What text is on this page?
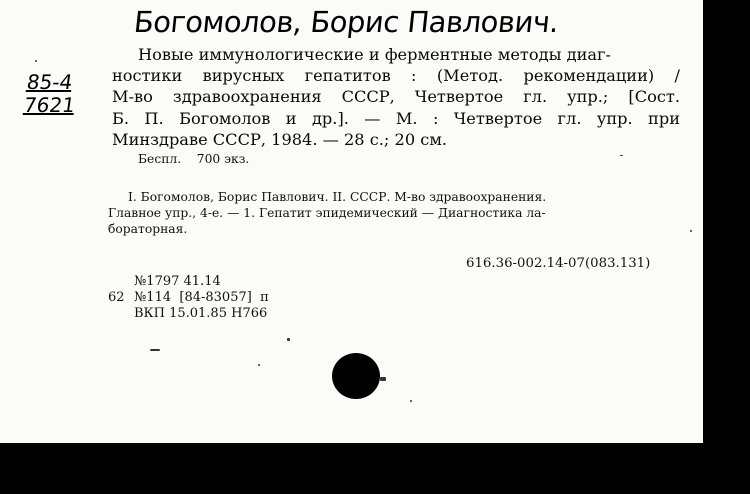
Богомолов, Борис Павлович.
85-4
7621
Новые иммунологические и ферментные методы диаг-
ностики вирусных гепатитов : (Метод. рекомендации) /
М-во здравоохранения СССР, Четвертое гл. упр.; [Сост.
Б. П. Богомолов и др.]. — М. : Четвертое гл. упр. при
Минздраве СССР, 1984. — 28 с.; 20 см.
Беспл.    700 экз.
I. Богомолов, Борис Павлович. II. СССР. М-во здравоохранения.
Главное упр., 4-е. — 1. Гепатит эпидемический — Диагностика ла-
бораторная.
616.36-002.14-07(083.131)
№1797 41.14
62 №114  [84-83057]  п
ВКП 15.01.85 Н766
